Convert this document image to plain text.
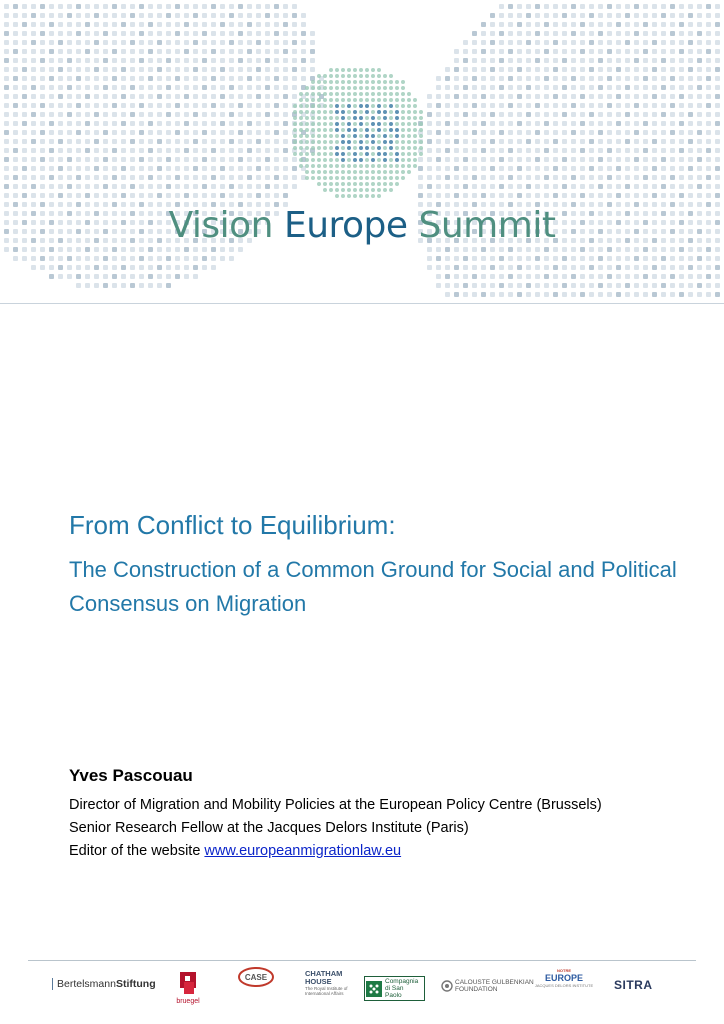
Vision Europe Summit
From Conflict to Equilibrium:
The Construction of a Common Ground for Social and Political Consensus on Migration

Yves Pascouau

Director of Migration and Mobility Policies at the European Policy Centre (Brussels)

Senior Research Fellow at the Jacques Delors Institute (Paris)

Editor of the website www.europeanmigrationlaw.eu

Bertelsmann Stiftung
bruegel
CASE	CHATHAM
HOUSE
The Royal Institute of International Affairs
Compagnia di San Paolo
CALOUSTE GULBENKIAN
FOUNDATION
NOTRE
EUROPE
JACQUES DELORS INSTITUTE SITRA
